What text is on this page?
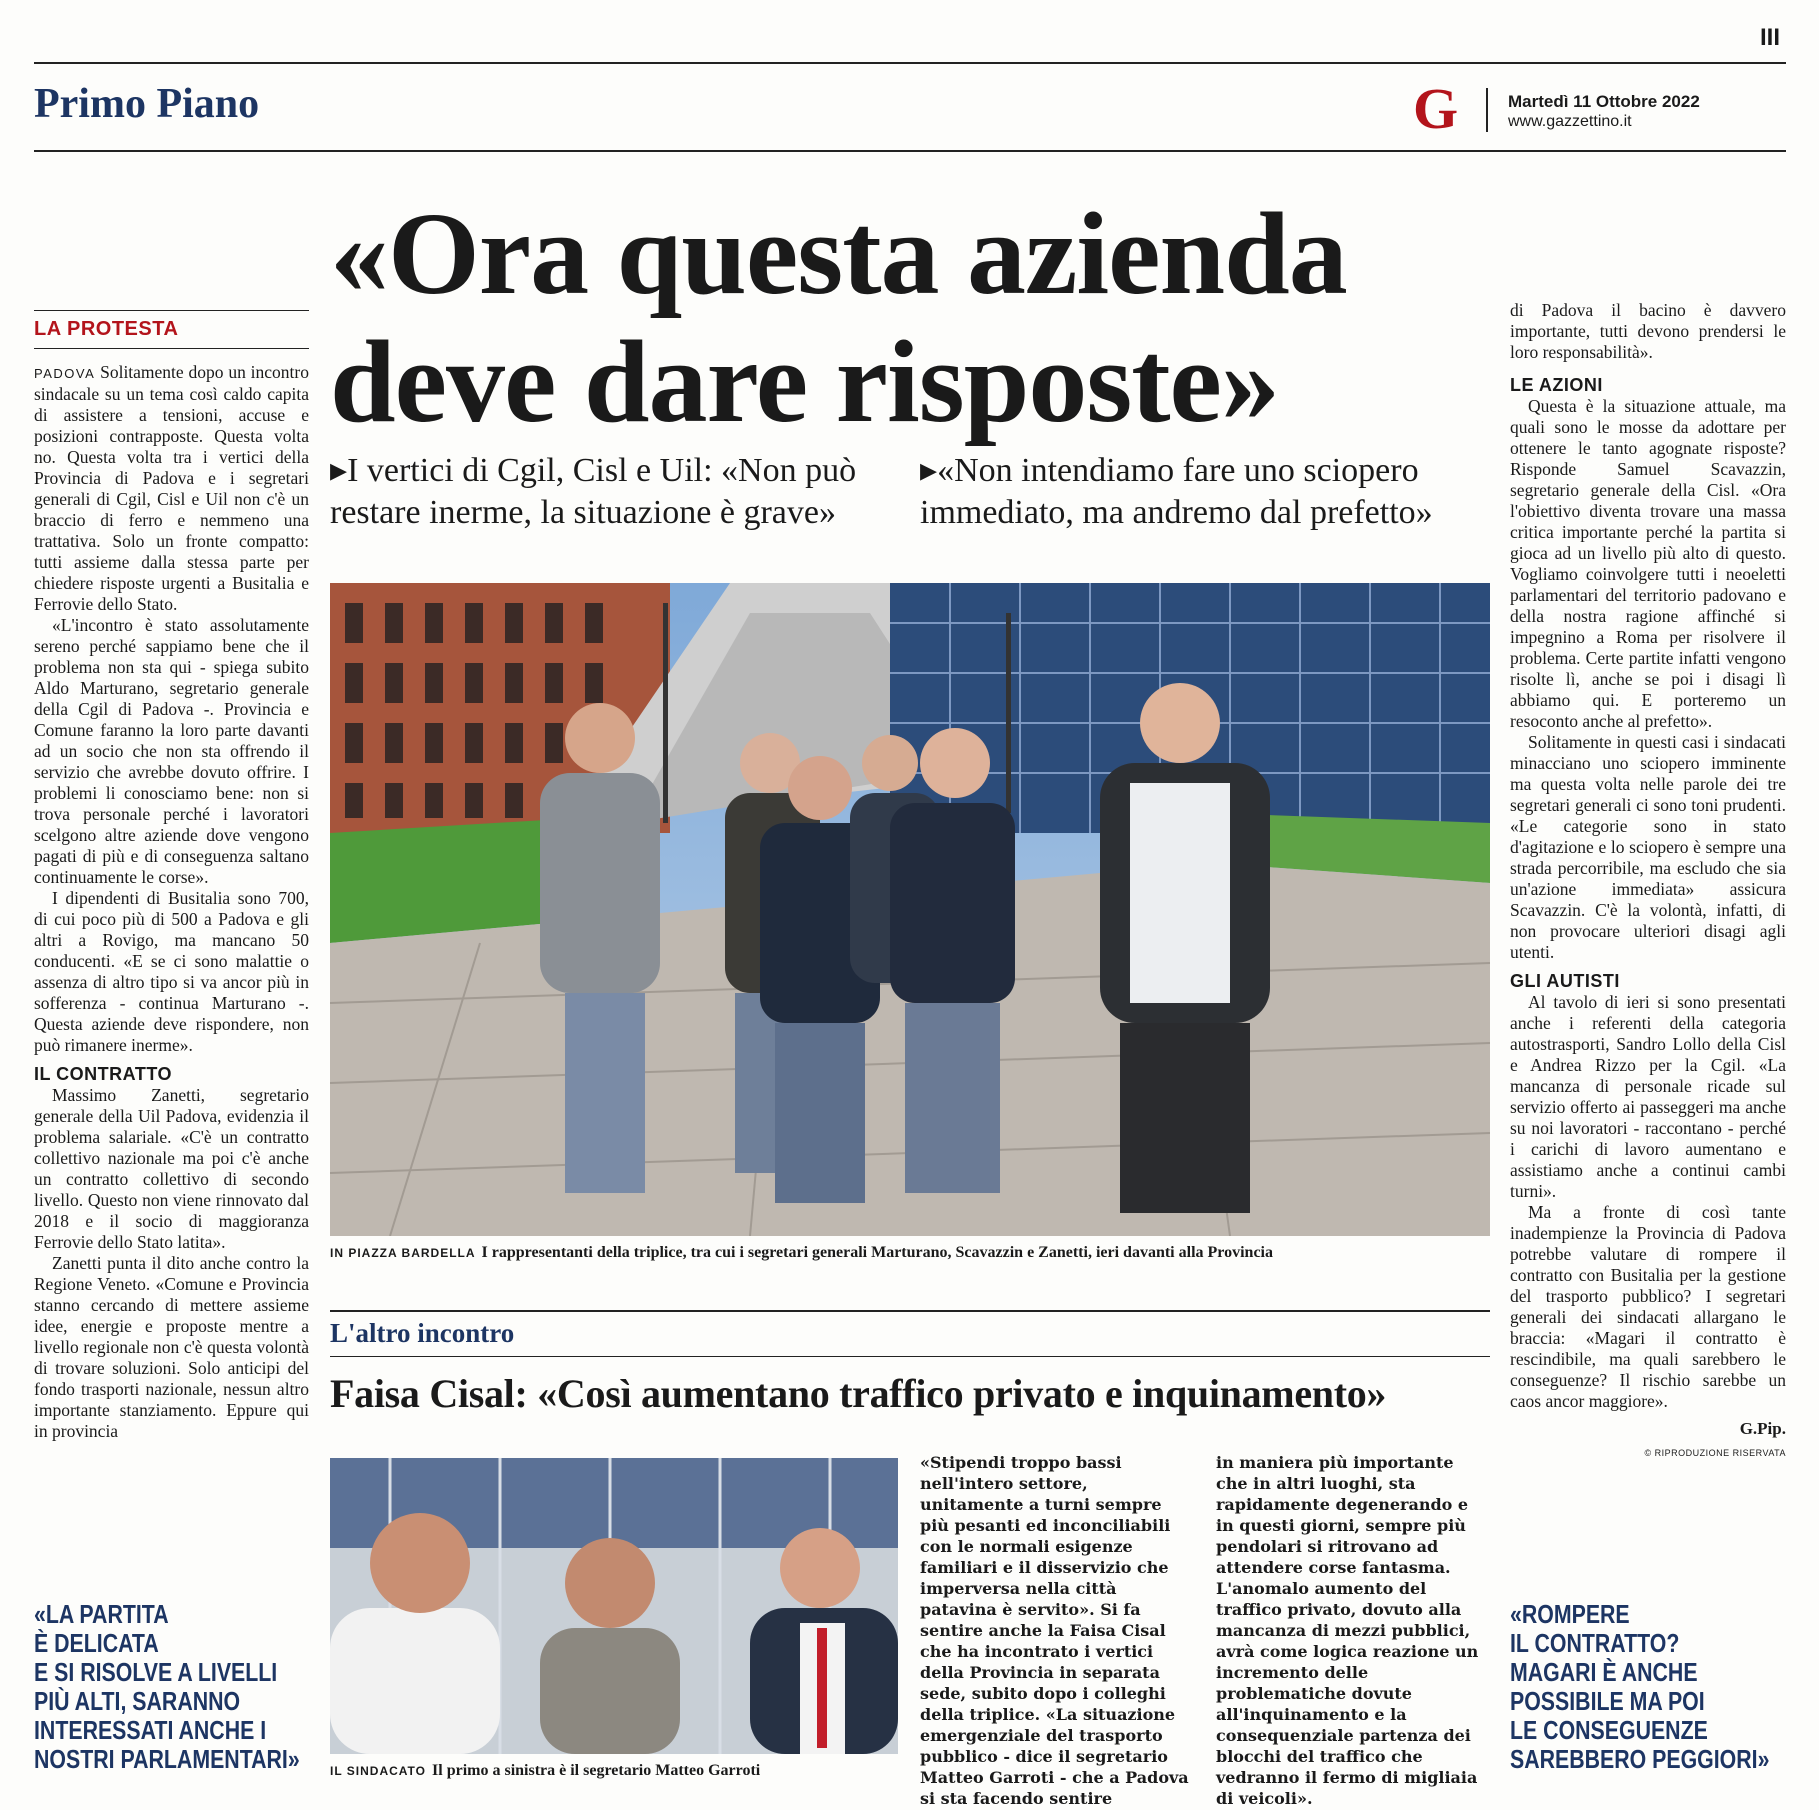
III
Primo Piano	G	Martedì 11 Ottobre 2022
www.gazzettino.it
«Ora questa azienda
deve dare risposte»
▸I vertici di Cgil, Cisl e Uil: «Non può restare inerme, la situazione è grave»
▸«Non intendiamo fare uno sciopero immediato, ma andremo dal prefetto»
LA PROTESTA

PADOVA Solitamente dopo un incontro sindacale su un tema così caldo capita di assistere a tensioni, accuse e posizioni contrapposte. Questa volta no. Questa volta tra i vertici della Provincia di Padova e i segretari generali di Cgil, Cisl e Uil non c'è un braccio di ferro e nemmeno una trattativa. Solo un fronte compatto: tutti assieme dalla stessa parte per chiedere risposte urgenti a Busitalia e Ferrovie dello Stato.

«L'incontro è stato assolutamente sereno perché sappiamo bene che il problema non sta qui - spiega subito Aldo Marturano, segretario generale della Cgil di Padova -. Provincia e Comune faranno la loro parte davanti ad un socio che non sta offrendo il servizio che avrebbe dovuto offrire. I problemi li conosciamo bene: non si trova personale perché i lavoratori scelgono altre aziende dove vengono pagati di più e di conseguenza saltano continuamente le corse».

I dipendenti di Busitalia sono 700, di cui poco più di 500 a Padova e gli altri a Rovigo, ma mancano 50 conducenti. «E se ci sono malattie o assenza di altro tipo si va ancor più in sofferenza - continua Marturano -. Questa aziende deve rispondere, non può rimanere inerme».

IL CONTRATTO

Massimo Zanetti, segretario generale della Uil Padova, evidenzia il problema salariale. «C'è un contratto collettivo nazionale ma poi c'è anche un contratto collettivo di secondo livello. Questo non viene rinnovato dal 2018 e il socio di maggioranza Ferrovie dello Stato latita».

Zanetti punta il dito anche contro la Regione Veneto. «Comune e Provincia stanno cercando di mettere assieme idee, energie e proposte mentre a livello regionale non c'è questa volontà di trovare soluzioni. Solo anticipi del fondo trasporti nazionale, nessun altro importante stanziamento. Eppure qui in provincia

«LA PARTITA
È DELICATA
E SI RISOLVE A LIVELLI
PIÙ ALTI, SARANNO
INTERESSATI ANCHE I
NOSTRI PARLAMENTARI»
IN PIAZZA BARDELLA I rappresentanti della triplice, tra cui i segretari generali Marturano, Scavazzin e Zanetti, ieri davanti alla Provincia
L'altro incontro
Faisa Cisal: «Così aumentano traffico privato e inquinamento»
IL SINDACATO Il primo a sinistra è il segretario Matteo Garroti
«Stipendi troppo bassi nell'intero settore, unitamente a turni sempre più pesanti ed inconciliabili con le normali esigenze familiari e il disservizio che imperversa nella città patavina è servito». Si fa sentire anche la Faisa Cisal che ha incontrato i vertici della Provincia in separata sede, subito dopo i colleghi della triplice. «La situazione emergenziale del trasporto pubblico - dice il segretario Matteo Garroti - che a Padova si sta facendo sentire
in maniera più importante che in altri luoghi, sta rapidamente degenerando e in questi giorni, sempre più pendolari si ritrovano ad attendere corse fantasma. L'anomalo aumento del traffico privato, dovuto alla mancanza di mezzi pubblici, avrà come logica reazione un incremento delle problematiche dovute all'inquinamento e la consequenziale partenza dei blocchi del traffico che vedranno il fermo di migliaia di veicoli».

di Padova il bacino è davvero importante, tutti devono prendersi le loro responsabilità».

LE AZIONI

Questa è la situazione attuale, ma quali sono le mosse da adottare per ottenere le tanto agognate risposte? Risponde Samuel Scavazzin, segretario generale della Cisl. «Ora l'obiettivo diventa trovare una massa critica importante perché la partita si gioca ad un livello più alto di questo. Vogliamo coinvolgere tutti i neoeletti parlamentari del territorio padovano e della nostra ragione affinché si impegnino a Roma per risolvere il problema. Certe partite infatti vengono risolte lì, anche se poi i disagi lì abbiamo qui. E porteremo un resoconto anche al prefetto».

Solitamente in questi casi i sindacati minacciano uno sciopero imminente ma questa volta nelle parole dei tre segretari generali ci sono toni prudenti. «Le categorie sono in stato d'agitazione e lo sciopero è sempre una strada percorribile, ma escludo che sia un'azione immediata» assicura Scavazzin. C'è la volontà, infatti, di non provocare ulteriori disagi agli utenti.

GLI AUTISTI

Al tavolo di ieri si sono presentati anche i referenti della categoria autostrasporti, Sandro Lollo della Cisl e Andrea Rizzo per la Cgil. «La mancanza di personale ricade sul servizio offerto ai passeggeri ma anche su noi lavoratori - raccontano - perché i carichi di lavoro aumentano e assistiamo anche a continui cambi turni».

Ma a fronte di così tante inadempienze la Provincia di Padova potrebbe valutare di rompere il contratto con Busitalia per la gestione del trasporto pubblico? I segretari generali dei sindacati allargano le braccia: «Magari il contratto è rescindibile, ma quali sarebbero le conseguenze? Il rischio sarebbe un caos ancor maggiore».

G.Pip.
© RIPRODUZIONE RISERVATA
«ROMPERE
IL CONTRATTO?
MAGARI È ANCHE
POSSIBILE MA POI
LE CONSEGUENZE
SAREBBERO PEGGIORI»
